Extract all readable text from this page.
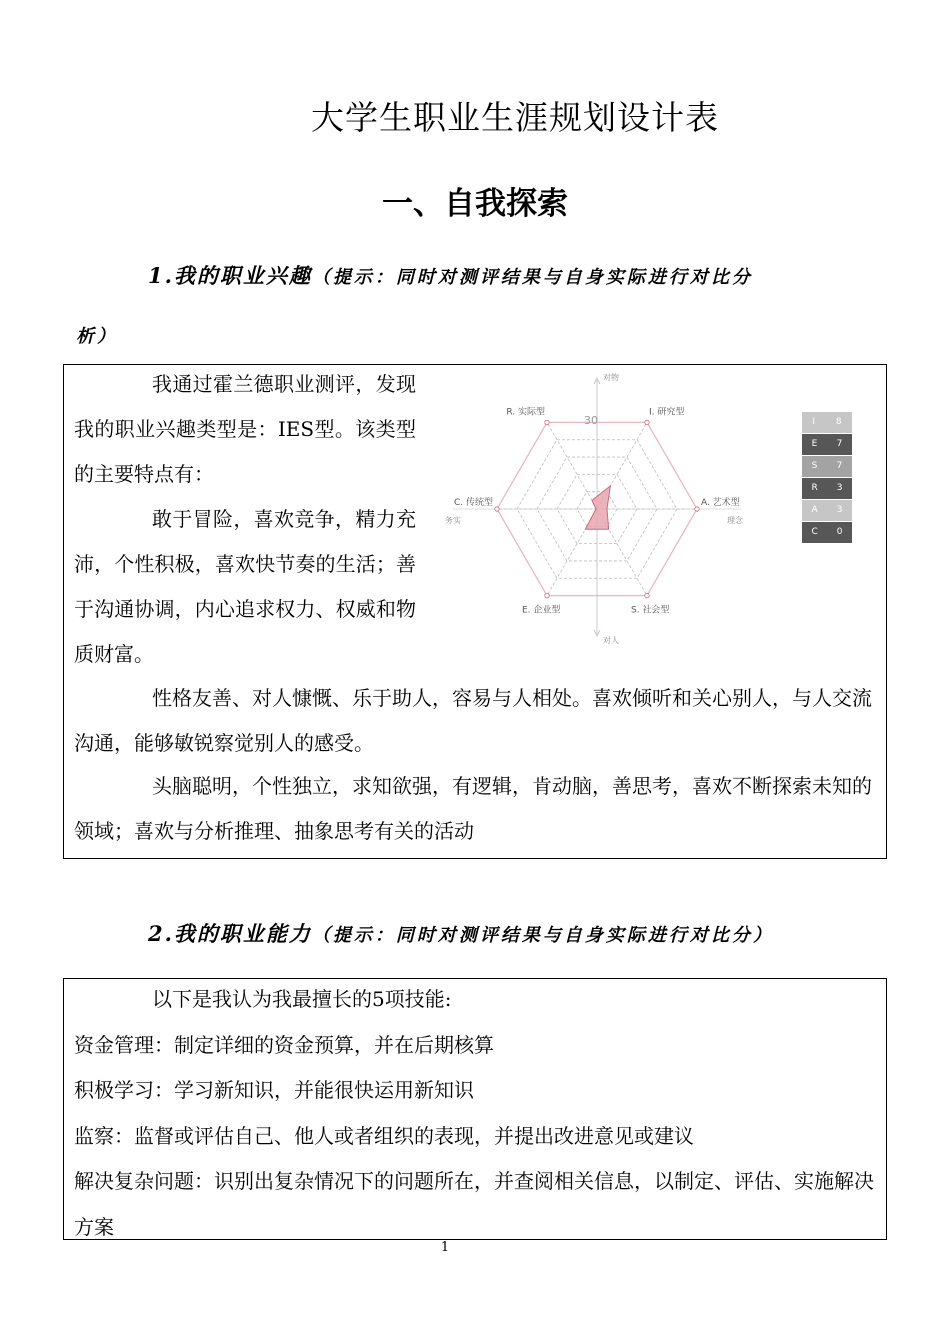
大学生职业生涯规划设计表
一、自我探索
1.我的职业兴趣（提示：同时对测评结果与自身实际进行对比分
析）
我通过霍兰德职业测评，发现我的职业兴趣类型是：IES型。该类型的主要特点有：
敢于冒险，喜欢竞争，精力充沛，个性积极，喜欢快节奏的生活；善于沟通协调，内心追求权力、权威和物质财富。
性格友善、对人慷慨、乐于助人，容易与人相处。喜欢倾听和关心别人，与人交流沟通，能够敏锐察觉别人的感受。
头脑聪明，个性独立，求知欲强，有逻辑，肯动脑，善思考，喜欢不断探索未知的领域；喜欢与分析推理、抽象思考有关的活动
30
R. 实际型	I. 研究型
A. 艺术型
S. 社会型
E. 企业型
C. 传统型
对物
对人
务实	理念
I 8
E 7
S 7
R 3
A 3
C 0
2.我的职业能力（提示：同时对测评结果与自身实际进行对比分）
以下是我认为我最擅长的5项技能:
资金管理：制定详细的资金预算，并在后期核算
积极学习：学习新知识，并能很快运用新知识
监察：监督或评估自己、他人或者组织的表现，并提出改进意见或建议
解决复杂问题：识别出复杂情况下的问题所在，并查阅相关信息，以制定、评估、实施解决方案
1
